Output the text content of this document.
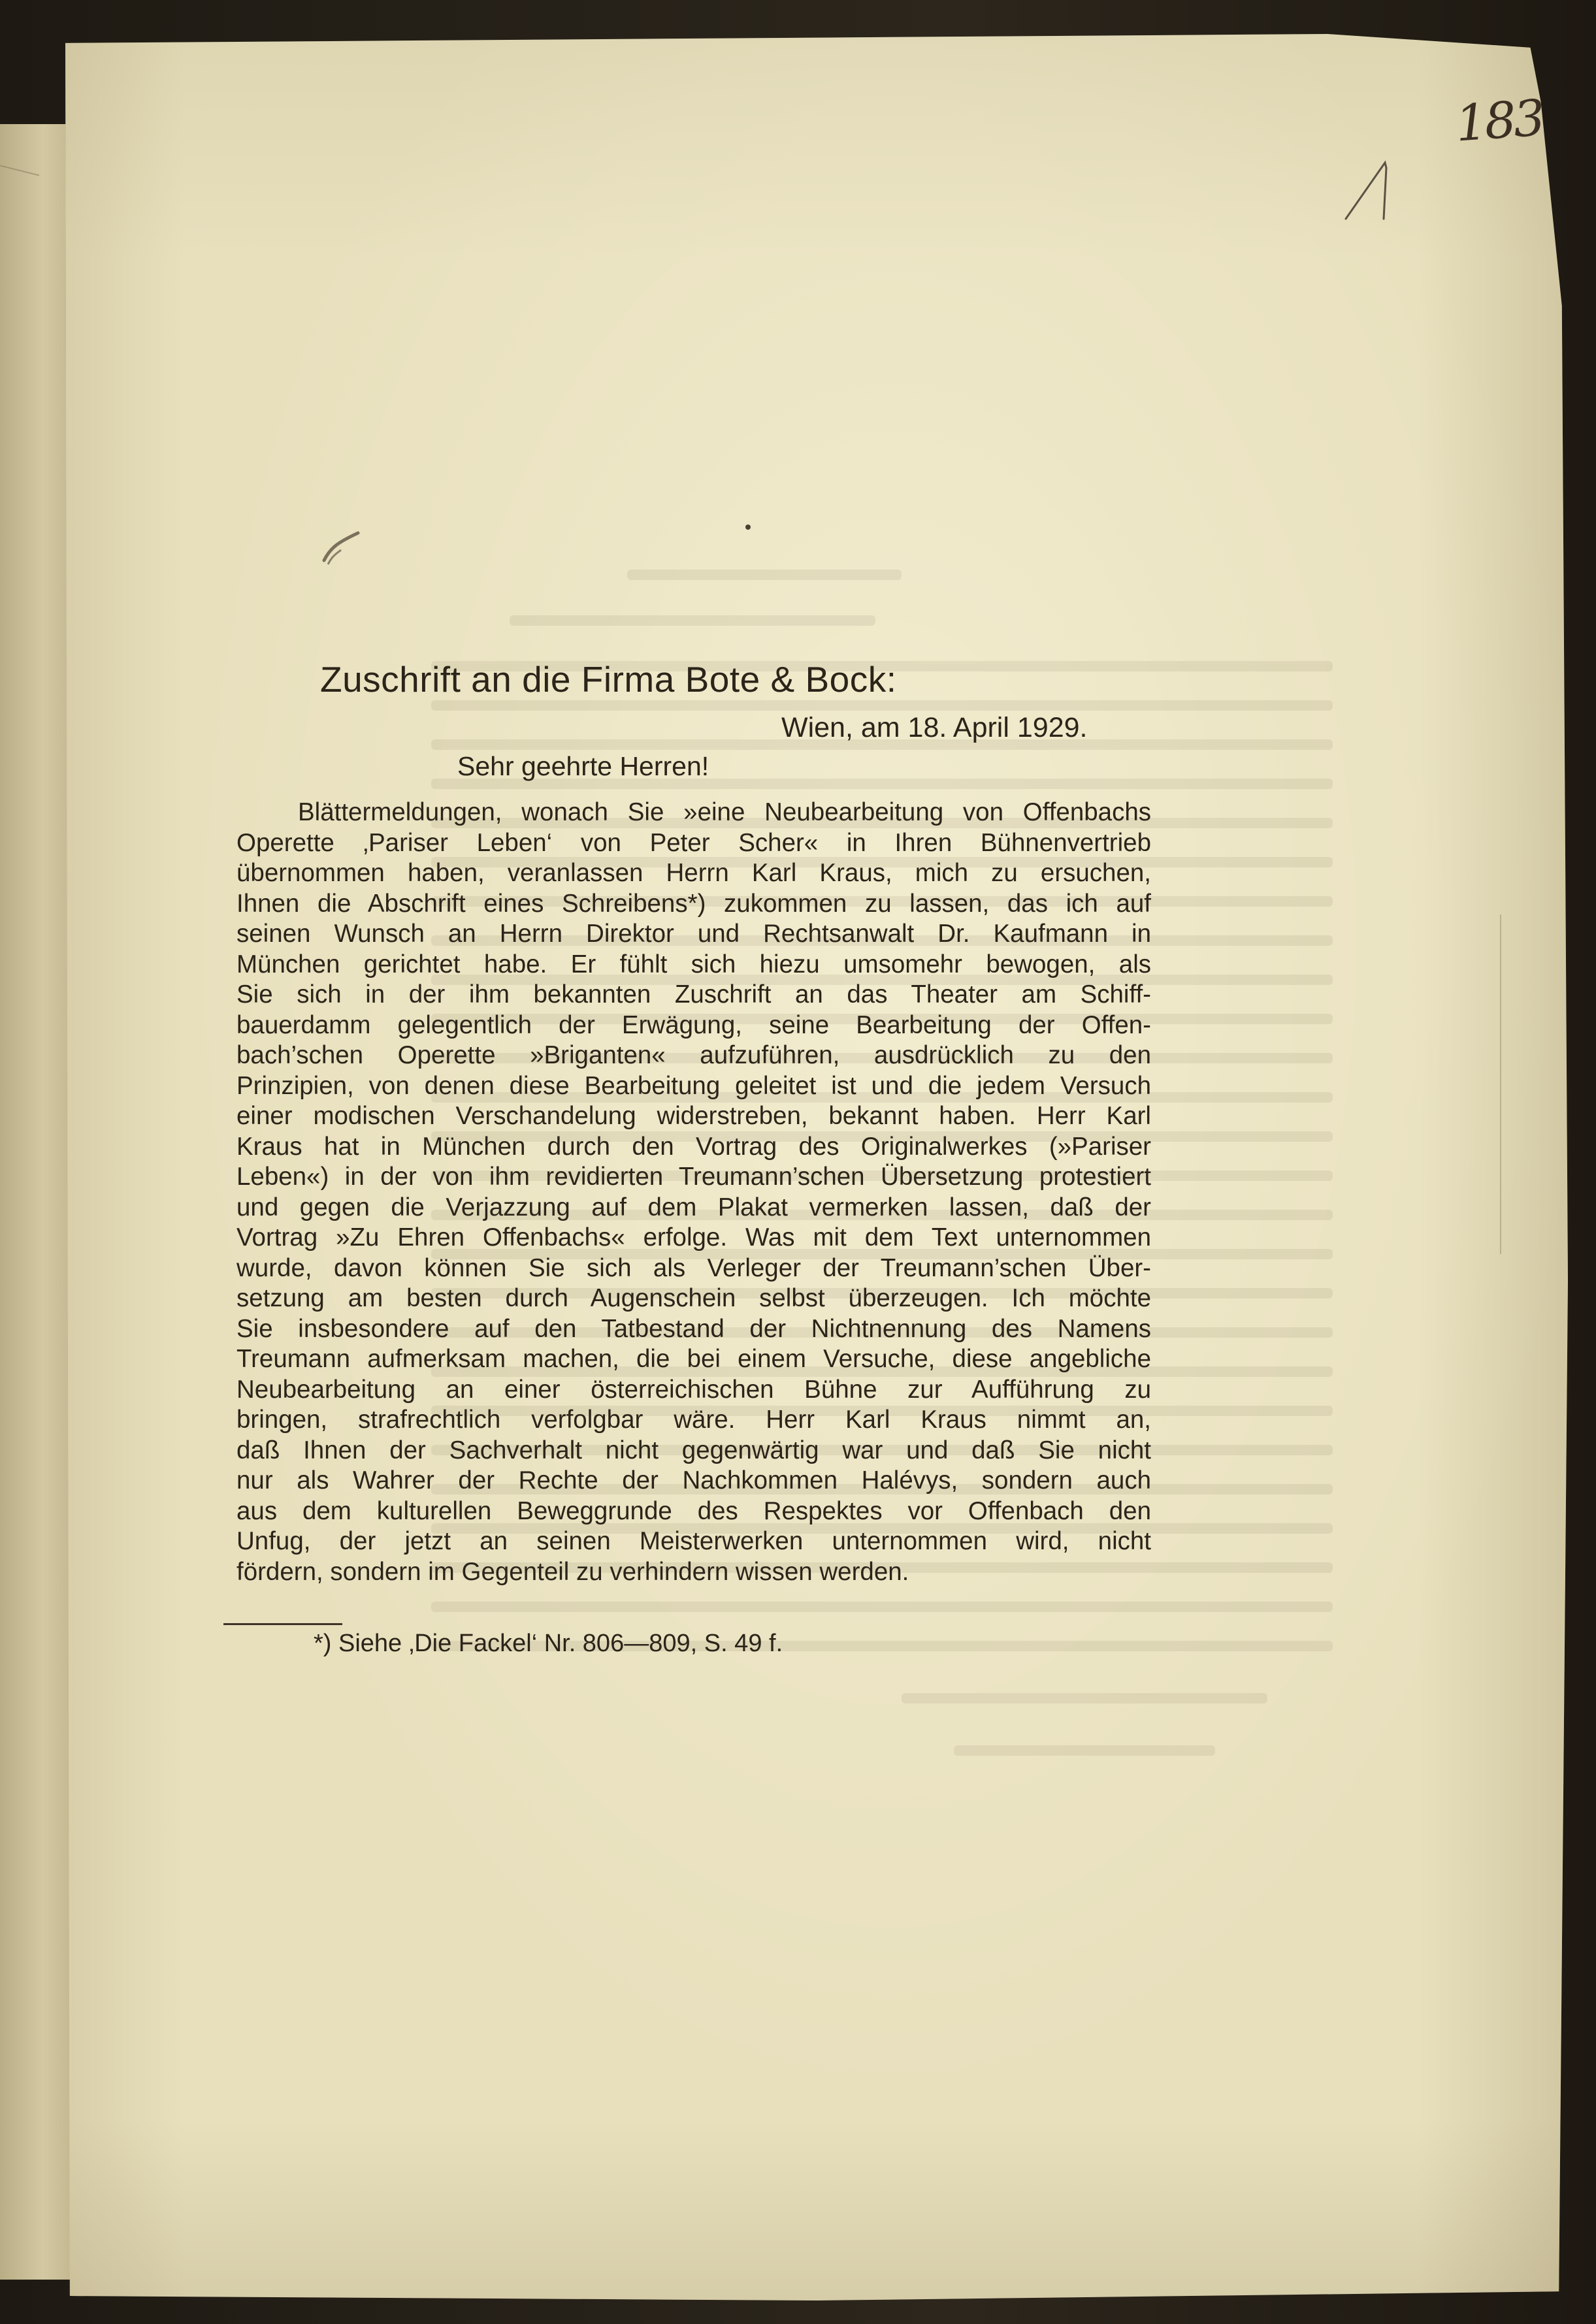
183
Zuschrift an die Firma Bote & Bock:
Wien, am 18. April 1929.
Sehr geehrte Herren!
Blättermeldungen, wonach Sie »eine Neubearbeitung von Offenbachs
Operette ‚Pariser Leben‘ von Peter Scher« in Ihren Bühnenvertrieb
übernommen haben, veranlassen Herrn Karl Kraus, mich zu ersuchen,
Ihnen die Abschrift eines Schreibens*) zukommen zu lassen, das ich auf
seinen Wunsch an Herrn Direktor und Rechtsanwalt Dr. Kaufmann in
München gerichtet habe. Er fühlt sich hiezu umsomehr bewogen, als
Sie sich in der ihm bekannten Zuschrift an das Theater am Schiff-
bauerdamm gelegentlich der Erwägung, seine Bearbeitung der Offen-
bach’schen Operette »Briganten« aufzuführen, ausdrücklich zu den
Prinzipien, von denen diese Bearbeitung geleitet ist und die jedem Versuch
einer modischen Verschandelung widerstreben, bekannt haben. Herr Karl
Kraus hat in München durch den Vortrag des Originalwerkes (»Pariser
Leben«) in der von ihm revidierten Treumann’schen Übersetzung protestiert
und gegen die Verjazzung auf dem Plakat vermerken lassen, daß der
Vortrag »Zu Ehren Offenbachs« erfolge. Was mit dem Text unternommen
wurde, davon können Sie sich als Verleger der Treumann’schen Über-
setzung am besten durch Augenschein selbst überzeugen. Ich möchte
Sie insbesondere auf den Tatbestand der Nichtnennung des Namens
Treumann aufmerksam machen, die bei einem Versuche, diese angebliche
Neubearbeitung an einer österreichischen Bühne zur Aufführung zu
bringen, strafrechtlich verfolgbar wäre. Herr Karl Kraus nimmt an,
daß Ihnen der Sachverhalt nicht gegenwärtig war und daß Sie nicht
nur als Wahrer der Rechte der Nachkommen Halévys, sondern auch
aus dem kulturellen Beweggrunde des Respektes vor Offenbach den
Unfug, der jetzt an seinen Meisterwerken unternommen wird, nicht
fördern, sondern im Gegenteil zu verhindern wissen werden.
*) Siehe ‚Die Fackel‘ Nr. 806—809, S. 49 f.
